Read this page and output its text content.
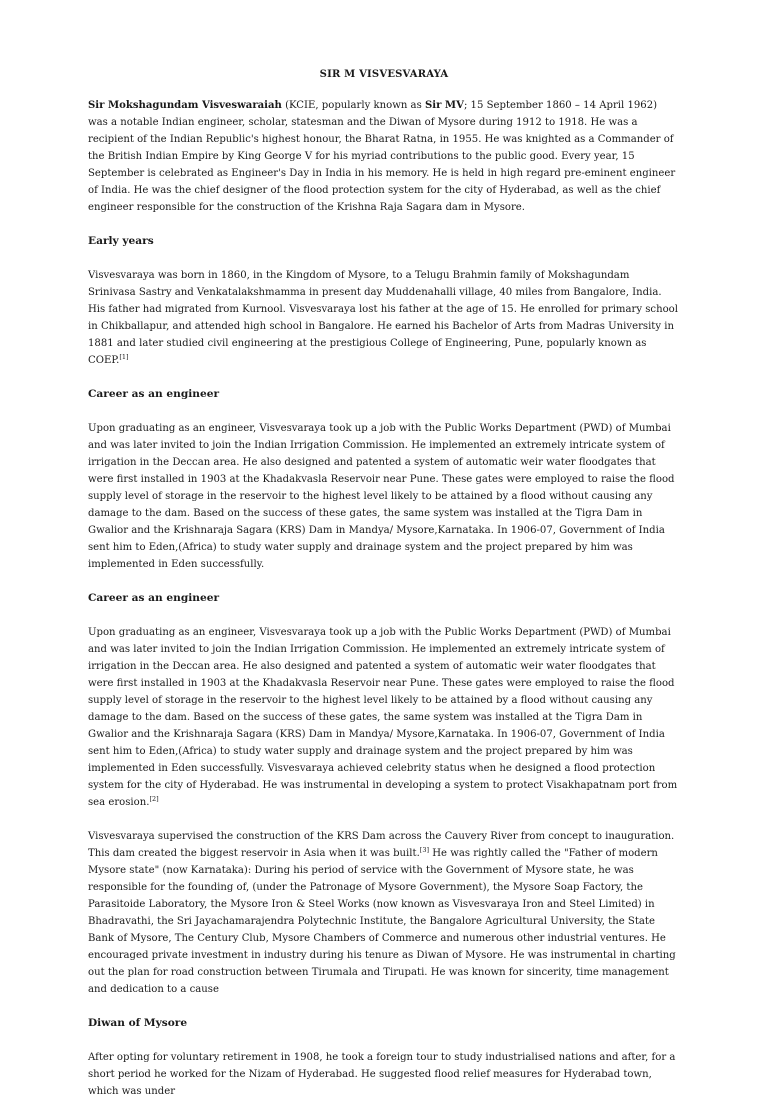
SIR M VISVESVARAYA

Sir Mokshagundam Visveswaraiah (KCIE, popularly known as Sir MV; 15 September 1860 – 14 April 1962) was a notable Indian engineer, scholar, statesman and the Diwan of Mysore during 1912 to 1918. He was a recipient of the Indian Republic's highest honour, the Bharat Ratna, in 1955. He was knighted as a Commander of the British Indian Empire by King George V for his myriad contributions to the public good. Every year, 15 September is celebrated as Engineer's Day in India in his memory. He is held in high regard pre-eminent engineer of India. He was the chief designer of the flood protection system for the city of Hyderabad, as well as the chief engineer responsible for the construction of the Krishna Raja Sagara dam in Mysore.

Early years

Visvesvaraya was born in 1860, in the Kingdom of Mysore, to a Telugu Brahmin family of Mokshagundam Srinivasa Sastry and Venkatalakshmamma in present day Muddenahalli village, 40 miles from Bangalore, India. His father had migrated from Kurnool. Visvesvaraya lost his father at the age of 15. He enrolled for primary school in Chikballapur, and attended high school in Bangalore. He earned his Bachelor of Arts from Madras University in 1881 and later studied civil engineering at the prestigious College of Engineering, Pune, popularly known as COEP.[1]

Career as an engineer

Upon graduating as an engineer, Visvesvaraya took up a job with the Public Works Department (PWD) of Mumbai and was later invited to join the Indian Irrigation Commission. He implemented an extremely intricate system of irrigation in the Deccan area. He also designed and patented a system of automatic weir water floodgates that were first installed in 1903 at the Khadakvasla Reservoir near Pune. These gates were employed to raise the flood supply level of storage in the reservoir to the highest level likely to be attained by a flood without causing any damage to the dam. Based on the success of these gates, the same system was installed at the Tigra Dam in Gwalior and the Krishnaraja Sagara (KRS) Dam in Mandya/ Mysore,Karnataka. In 1906-07, Government of India sent him to Eden,(Africa) to study water supply and drainage system and the project prepared by him was implemented in Eden successfully.

Career as an engineer

Upon graduating as an engineer, Visvesvaraya took up a job with the Public Works Department (PWD) of Mumbai and was later invited to join the Indian Irrigation Commission. He implemented an extremely intricate system of irrigation in the Deccan area. He also designed and patented a system of automatic weir water floodgates that were first installed in 1903 at the Khadakvasla Reservoir near Pune. These gates were employed to raise the flood supply level of storage in the reservoir to the highest level likely to be attained by a flood without causing any damage to the dam. Based on the success of these gates, the same system was installed at the Tigra Dam in Gwalior and the Krishnaraja Sagara (KRS) Dam in Mandya/ Mysore,Karnataka. In 1906-07, Government of India sent him to Eden,(Africa) to study water supply and drainage system and the project prepared by him was implemented in Eden successfully. Visvesvaraya achieved celebrity status when he designed a flood protection system for the city of Hyderabad. He was instrumental in developing a system to protect Visakhapatnam port from sea erosion.[2]

Visvesvaraya supervised the construction of the KRS Dam across the Cauvery River from concept to inauguration. This dam created the biggest reservoir in Asia when it was built.[3] He was rightly called the "Father of modern Mysore state" (now Karnataka): During his period of service with the Government of Mysore state, he was responsible for the founding of, (under the Patronage of Mysore Government), the Mysore Soap Factory, the Parasitoide Laboratory, the Mysore Iron & Steel Works (now known as Visvesvaraya Iron and Steel Limited) in Bhadravathi, the Sri Jayachamarajendra Polytechnic Institute, the Bangalore Agricultural University, the State Bank of Mysore, The Century Club, Mysore Chambers of Commerce and numerous other industrial ventures. He encouraged private investment in industry during his tenure as Diwan of Mysore. He was instrumental in charting out the plan for road construction between Tirumala and Tirupati. He was known for sincerity, time management and dedication to a cause

Diwan of Mysore

After opting for voluntary retirement in 1908, he took a foreign tour to study industrialised nations and after, for a short period he worked for the Nizam of Hyderabad. He suggested flood relief measures for Hyderabad town, which was under
